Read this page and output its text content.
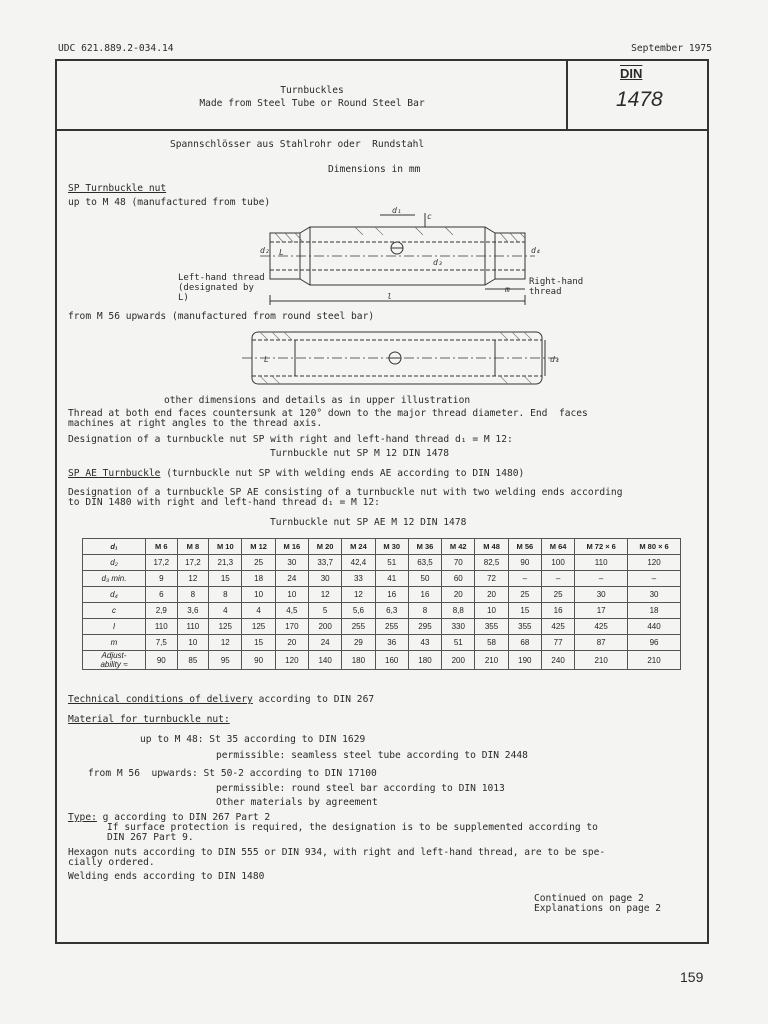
UDC 621.889.2-034.14	September 1975
Turnbuckles
Made from Steel Tube or Round Steel Bar
DIN
1478
Spannschlösser aus Stahlrohr oder  Rundstahl
Dimensions in mm
SP Turnbuckle nut
up to M 48 (manufactured from tube)
d₁
c
d₂
d₃
d₄
L
m
l
Left-hand thread
(designated by
L)
Right-hand
thread
from M 56 upwards (manufactured from round steel bar)
L	d₄
other dimensions and details as in upper illustration
Thread at both end faces countersunk at 120° down to the major thread diameter. End  faces
machines at right angles to the thread axis.
Designation of a turnbuckle nut SP with right and left-hand thread d₁ = M 12:
Turnbuckle nut SP M 12 DIN 1478
SP AE Turnbuckle (turnbuckle nut SP with welding ends AE according to DIN 1480)
Designation of a turnbuckle SP AE consisting of a turnbuckle nut with two welding ends according
to DIN 1480 with right and left-hand thread d₁ = M 12:
Turnbuckle nut SP AE M 12 DIN 1478
d₁	M 6	M 8	M 10	M 12	M 16	M 20	M 24	M 30	M 36	M 42	M 48	M 56	M 64	M 72 × 6	M 80 × 6
d₂	17,2	17,2	21,3	25	30	33,7	42,4	51	63,5	70	82,5	90	100	110	120
d₃ min.	9	12	15	18	24	30	33	41	50	60	72	–	–	–	–
d₄	6	8	8	10	10	12	12	16	16	20	20	25	25	30	30
c	2,9	3,6	4	4	4,5	5	5,6	6,3	8	8,8	10	15	16	17	18
l	110	110	125	125	170	200	255	255	295	330	355	355	425	425	440
m	7,5	10	12	15	20	24	29	36	43	51	58	68	77	87	96
Adjust-
ability ≈	90	85	95	90	120	140	180	160	180	200	210	190	240	210	210
Technical conditions of delivery according to DIN 267
Material for turnbuckle nut:
up to M 48: St 35 according to DIN 1629
permissible: seamless steel tube according to DIN 2448
from M 56  upwards: St 50-2 according to DIN 17100
permissible: round steel bar according to DIN 1013
Other materials by agreement
Type: g according to DIN 267 Part 2
If surface protection is required, the designation is to be supplemented according to
DIN 267 Part 9.
Hexagon nuts according to DIN 555 or DIN 934, with right and left-hand thread, are to be spe-
cially ordered.
Welding ends according to DIN 1480
Continued on page 2
Explanations on page 2
159
